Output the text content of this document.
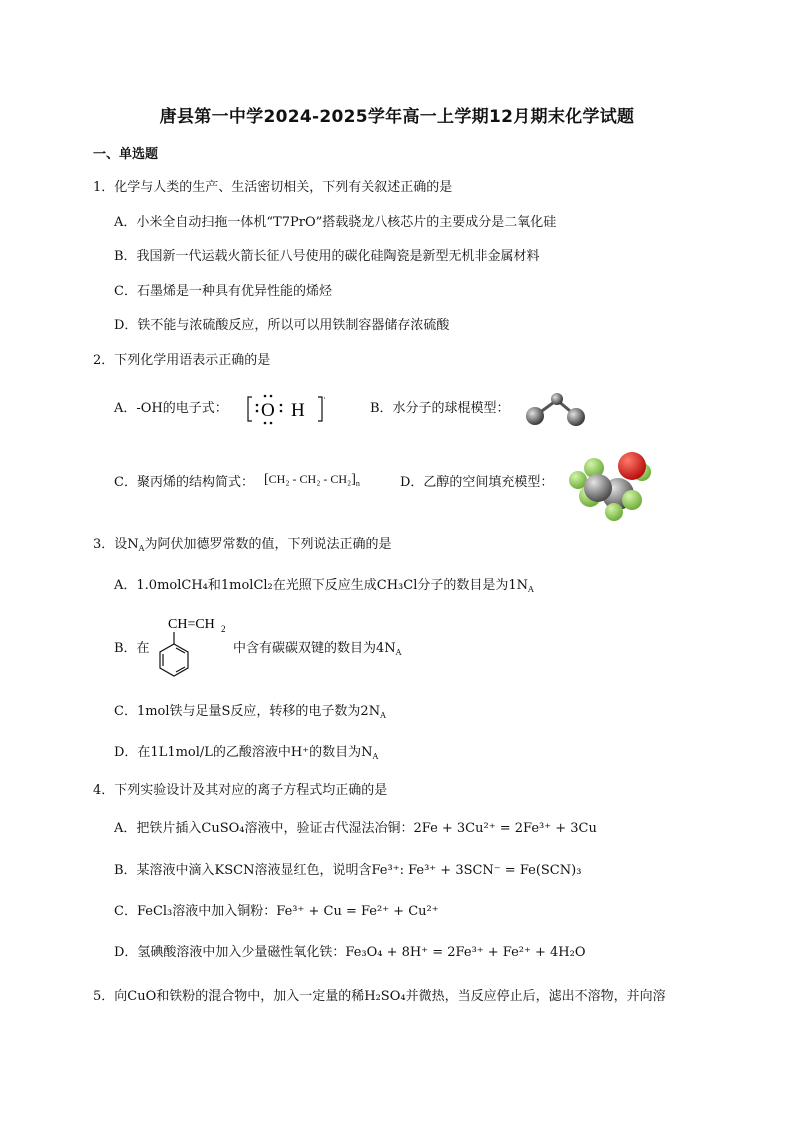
唐县第一中学2024-2025学年高一上学期12月期末化学试题
一、单选题
1．化学与人类的生产、生活密切相关，下列有关叙述正确的是
A．小米全自动扫拖一体机“T7PrO”搭载骁龙八核芯片的主要成分是二氧化硅
B．我国新一代运载火箭长征八号使用的碳化硅陶瓷是新型无机非金属材料
C．石墨烯是一种具有优异性能的烯烃
D．铁不能与浓硫酸反应，所以可以用铁制容器储存浓硫酸
2．下列化学用语表示正确的是
A．-OH的电子式： O H	B．水分子的球棍模型：
C．聚丙烯的结构简式： $[CH_2 - CH_2 - CH_2]_n$	D．乙醇的空间填充模型：
3．设$N_A$为阿伏加德罗常数的值，下列说法正确的是
A．1.0molCH₄和1molCl₂在光照下反应生成CH₃Cl分子的数目是为$1N_A$
B．在
CH=CH 2
中含有碳碳双键的数目为$4N_A$
C．1mol铁与足量S反应，转移的电子数为$2N_A$
D．在1L1mol/L的乙酸溶液中H⁺的数目为$N_A$
4．下列实验设计及其对应的离子方程式均正确的是
A．把铁片插入CuSO₄溶液中，验证古代湿法冶铜：2Fe + 3Cu²⁺ = 2Fe³⁺ + 3Cu
B．某溶液中滴入KSCN溶液显红色，说明含Fe³⁺: Fe³⁺ + 3SCN⁻ = Fe(SCN)₃
C．FeCl₃溶液中加入铜粉：Fe³⁺ + Cu = Fe²⁺ + Cu²⁺
D．氢碘酸溶液中加入少量磁性氧化铁：Fe₃O₄ + 8H⁺ = 2Fe³⁺ + Fe²⁺ + 4H₂O
5．向CuO和铁粉的混合物中，加入一定量的稀H₂SO₄并微热，当反应停止后，滤出不溶物，并向溶
